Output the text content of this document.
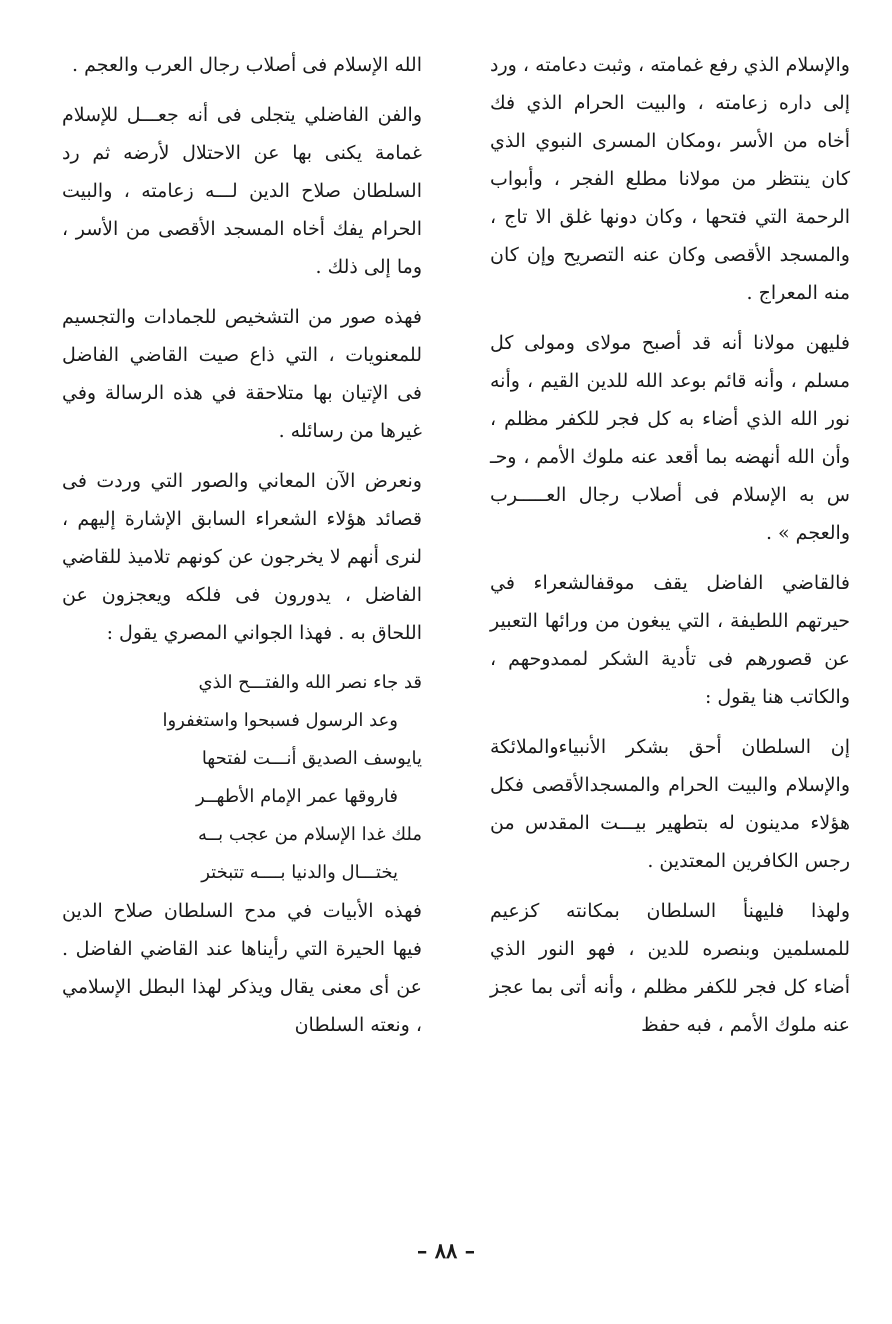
والإسلام الذي رفع غمامته ، وثبت دعامته ، ورد إلى داره زعامته ، والبيت الحرام الذي فك أخاه من الأسر ،ومكان المسرى النبوي الذي كان ينتظر من مولانا مطلع الفجر ، وأبواب الرحمة التي فتحها ، وكان دونها غلق الا تاج ، والمسجد الأقصى وكان عنه التصريح وإن كان منه المعراج .

فليهن مولانا أنه قد أصبح مولاى ومولى كل مسلم ، وأنه قائم بوعد الله للدين القيم ، وأنه نور الله الذي أضاء به كل فجر للكفر مظلم ، وأن الله أنهضه بما أقعد عنه ملوك الأمم ، وحـ س به الإسلام فى أصلاب رجال العـــــرب والعجم » .

فالقاضي الفاضل يقف موقفالشعراء في حيرتهم اللطيفة ، التي يبغون من ورائها التعبير عن قصورهم فى تأدية الشكر لممدوحهم ، والكاتب هنا يقول :

إن السلطان أحق بشكر الأنبياءوالملائكة والإسلام والبيت الحرام والمسجدالأقصى فكل هؤلاء مدينون له بتطهير بيـــت المقدس من رجس الكافرين المعتدين .

ولهذا فليهنأ السلطان بمكانته كزعيم للمسلمين وبنصره للدين ، فهو النور الذي أضاء كل فجر للكفر مظلم ، وأنه أتى بما عجز عنه ملوك الأمم ، فبه حفظ

الله الإسلام فى أصلاب رجال العرب والعجم .

والفن الفاضلي يتجلى فى أنه جعـــل للإسلام غمامة يكنى بها عن الاحتلال لأرضه ثم رد السلطان صلاح الدين لـــه زعامته ، والبيت الحرام يفك أخاه المسجد الأقصى من الأسر ، وما إلى ذلك .

فهذه صور من التشخيص للجمادات والتجسيم للمعنويات ، التي ذاع صيت القاضي الفاضل فى الإتيان بها متلاحقة في هذه الرسالة وفي غيرها من رسائله .

ونعرض الآن المعاني والصور التي وردت فى قصائد هؤلاء الشعراء السابق الإشارة إليهم ، لنرى أنهم لا يخرجون عن كونهم تلاميذ للقاضي الفاضل ، يدورون فى فلكه ويعجزون عن اللحاق به . فهذا الجواني المصري يقول :

قد جاء نصر الله والفتـــح الذي

وعد الرسول فسبحوا واستغفروا

يايوسف الصديق أنـــت لفتحها

فاروقها عمر الإمام الأطهــر

ملك غدا الإسلام من عجب بــه

يختـــال والدنيا بــــه تتبختر

فهذه الأبيات في مدح السلطان صلاح الدين فيها الحيرة التي رأيناها عند القاضي الفاضل . عن أى معنى يقال ويذكر لهذا البطل الإسلامي ، ونعته السلطان

– ٨٨ –
